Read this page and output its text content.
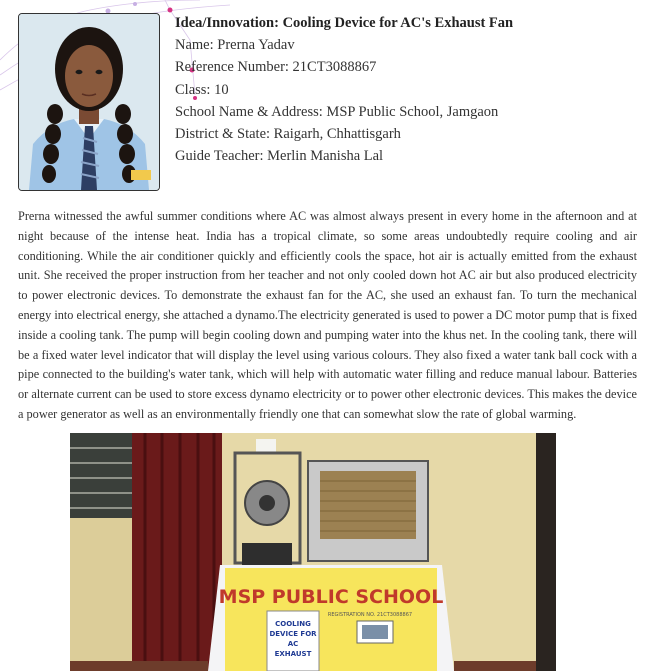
Idea/Innovation: Cooling Device for AC's Exhaust Fan
Name: Prerna Yadav
Reference Number: 21CT3088867
Class: 10
School Name & Address: MSP Public School, Jamgaon
District & State: Raigarh, Chhattisgarh
Guide Teacher: Merlin Manisha Lal

Prerna witnessed the awful summer conditions where AC was almost always present in every home in the afternoon and at night because of the intense heat. India has a tropical climate, so some areas undoubtedly require cooling and air conditioning. While the air conditioner quickly and efficiently cools the space, hot air is actually emitted from the exhaust unit. She received the proper instruction from her teacher and not only cooled down hot AC air but also produced electricity to power electronic devices. To demonstrate the exhaust fan for the AC, she used an exhaust fan. To turn the mechanical energy into electrical energy, she attached a dynamo.The electricity generated is used to power a DC motor pump that is fixed inside a cooling tank. The pump will begin cooling down and pumping water into the khus net. In the cooling tank, there will be a fixed water level indicator that will display the level using various colours. They also fixed a water tank ball cock with a pipe connected to the building's water tank, which will help with automatic water filling and reduce manual labour. Batteries or alternate current can be used to store excess dynamo electricity or to power other electronic devices. This makes the device a power generator as well as an environmentally friendly one that can somewhat slow the rate of global warming.

MSP PUBLIC SCHOOL
REGISTRATION NO. 21CT3088867
COOLING
DEVICE FOR
AC
EXHAUST
